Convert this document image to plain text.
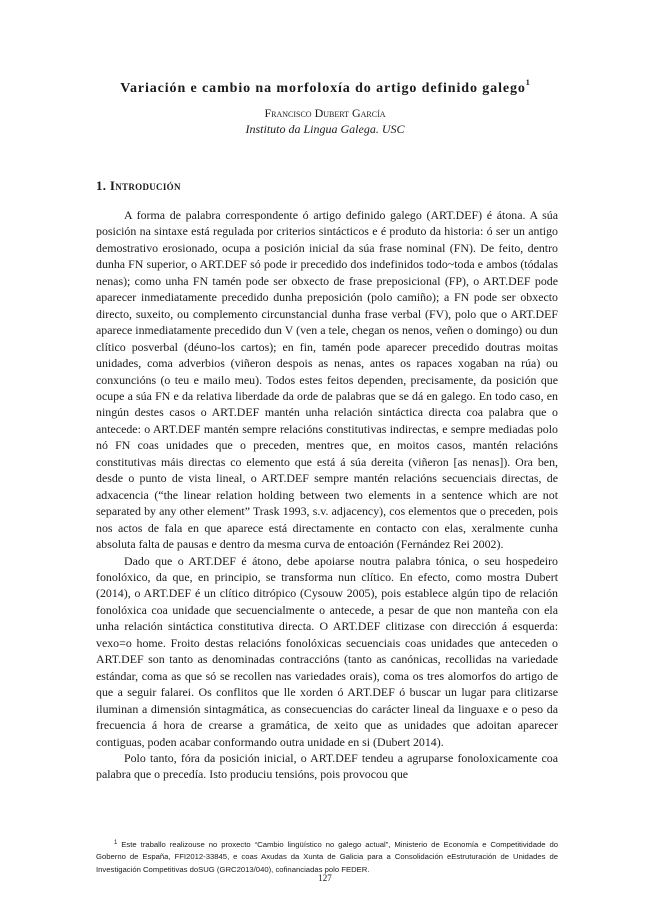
Variación e cambio na morfoloxía do artigo definido galego$^1$
Francisco Dubert García
Instituto da Lingua Galega. USC
1. Introdución

A forma de palabra correspondente ó artigo definido galego (ART.DEF) é átona. A súa posición na sintaxe está regulada por criterios sintácticos e é produto da historia: ó ser un antigo demostrativo erosionado, ocupa a posición inicial da súa frase nominal (FN). De feito, dentro dunha FN superior, o ART.DEF só pode ir precedido dos indefinidos todo~toda e ambos (tódalas nenas); como unha FN tamén pode ser obxecto de frase preposicional (FP), o ART.DEF pode aparecer inmediatamente precedido dunha preposición (polo camiño); a FN pode ser obxecto directo, suxeito, ou complemento circunstancial dunha frase verbal (FV), polo que o ART.DEF aparece inmediatamente precedido dun V (ven a tele, chegan os nenos, veñen o domingo) ou dun clítico posverbal (déuno-los cartos); en fin, tamén pode aparecer precedido doutras moitas unidades, coma adverbios (viñeron despois as nenas, antes os rapaces xogaban na rúa) ou conxuncións (o teu e mailo meu). Todos estes feitos dependen, precisamente, da posición que ocupe a súa FN e da relativa liberdade da orde de palabras que se dá en galego. En todo caso, en ningún destes casos o ART.DEF mantén unha relación sintáctica directa coa palabra que o antecede: o ART.DEF mantén sempre relacións constitutivas indirectas, e sempre mediadas polo nó FN coas unidades que o preceden, mentres que, en moitos casos, mantén relacións constitutivas máis directas co elemento que está á súa dereita (viñeron [as nenas]). Ora ben, desde o punto de vista lineal, o ART.DEF sempre mantén relacións secuenciais directas, de adxacencia (“the linear relation holding between two elements in a sentence which are not separated by any other element” Trask 1993, s.v. adjacency), cos elementos que o preceden, pois nos actos de fala en que aparece está directamente en contacto con elas, xeralmente cunha absoluta falta de pausas e dentro da mesma curva de entoación (Fernández Rei 2002).

Dado que o ART.DEF é átono, debe apoiarse noutra palabra tónica, o seu hospedeiro fonolóxico, da que, en principio, se transforma nun clítico. En efecto, como mostra Dubert (2014), o ART.DEF é un clítico ditrópico (Cysouw 2005), pois establece algún tipo de relación fonolóxica coa unidade que secuencialmente o antecede, a pesar de que non manteña con ela unha relación sintáctica constitutiva directa. O ART.DEF clitizase con dirección á esquerda: vexo=o home. Froito destas relacións fonolóxicas secuenciais coas unidades que anteceden o ART.DEF son tanto as denominadas contraccións (tanto as canónicas, recollidas na variedade estándar, coma as que só se recollen nas variedades orais), coma os tres alomorfos do artigo de que a seguir falarei. Os conflitos que lle xorden ó ART.DEF ó buscar un lugar para clitizarse iluminan a dimensión sintagmática, as consecuencias do carácter lineal da linguaxe e o peso da frecuencia á hora de crearse a gramática, de xeito que as unidades que adoitan aparecer contiguas, poden acabar conformando outra unidade en si (Dubert 2014).

Polo tanto, fóra da posición inicial, o ART.DEF tendeu a agruparse fonoloxicamente coa palabra que o precedía. Isto produciu tensións, pois provocou que

$^1$ Este traballo realizouse no proxecto “Cambio lingüístico no galego actual”, Ministerio de Economía e Competitividade do Goberno de España, FFI2012-33845, e coas Axudas da Xunta de Galicia para a Consolidación eEstruturación de Unidades de Investigación Competitivas doSUG (GRC2013/040), cofinanciadas polo FEDER.
127
